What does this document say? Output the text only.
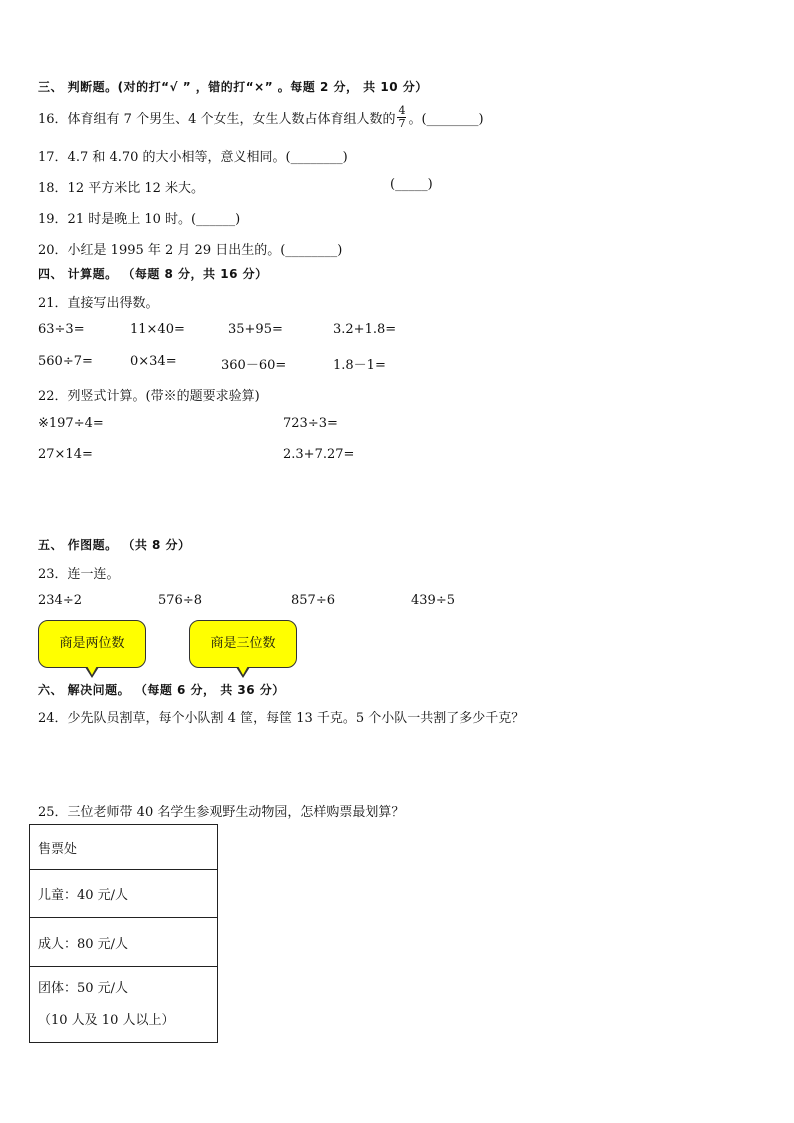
三、 判断题。(对的打“√ ” ，错的打“×” 。每题 2 分， 共 10 分）
16．体育组有 7 个男生、4 个女生，女生人数占体育组人数的 $\frac{4}{7}$ 。(________)
17．4.7 和 4.70 的大小相等，意义相同。(________)
18．12 平方米比 12 米大。	(_____)
19．21 时是晚上 10 时。(______)
20．小红是 1995 年 2 月 29 日出生的。(________)
四、 计算题。 （每题 8 分，共 16 分）
21．直接写出得数。
63÷3=	11×40=	35+95=	3.2+1.8=
560÷7=	0×34=	360－60=	1.8－1=
22．列竖式计算。(带※的题要求验算)
※197÷4=	723÷3=
27×14=	2.3+7.27=
五、 作图题。 （共 8 分）
23．连一连。
234÷2	576÷8	857÷6	439÷5
商是两位数	商是三位数
六、 解决问题。 （每题 6 分， 共 36 分）
24．少先队员割草，每个小队割 4 筐，每筐 13 千克。5 个小队一共割了多少千克？
25．三位老师带 40 名学生参观野生动物园，怎样购票最划算？
售票处
儿童：40 元/人
成人：80 元/人

团体：50 元/人
（10 人及 10 人以上）
